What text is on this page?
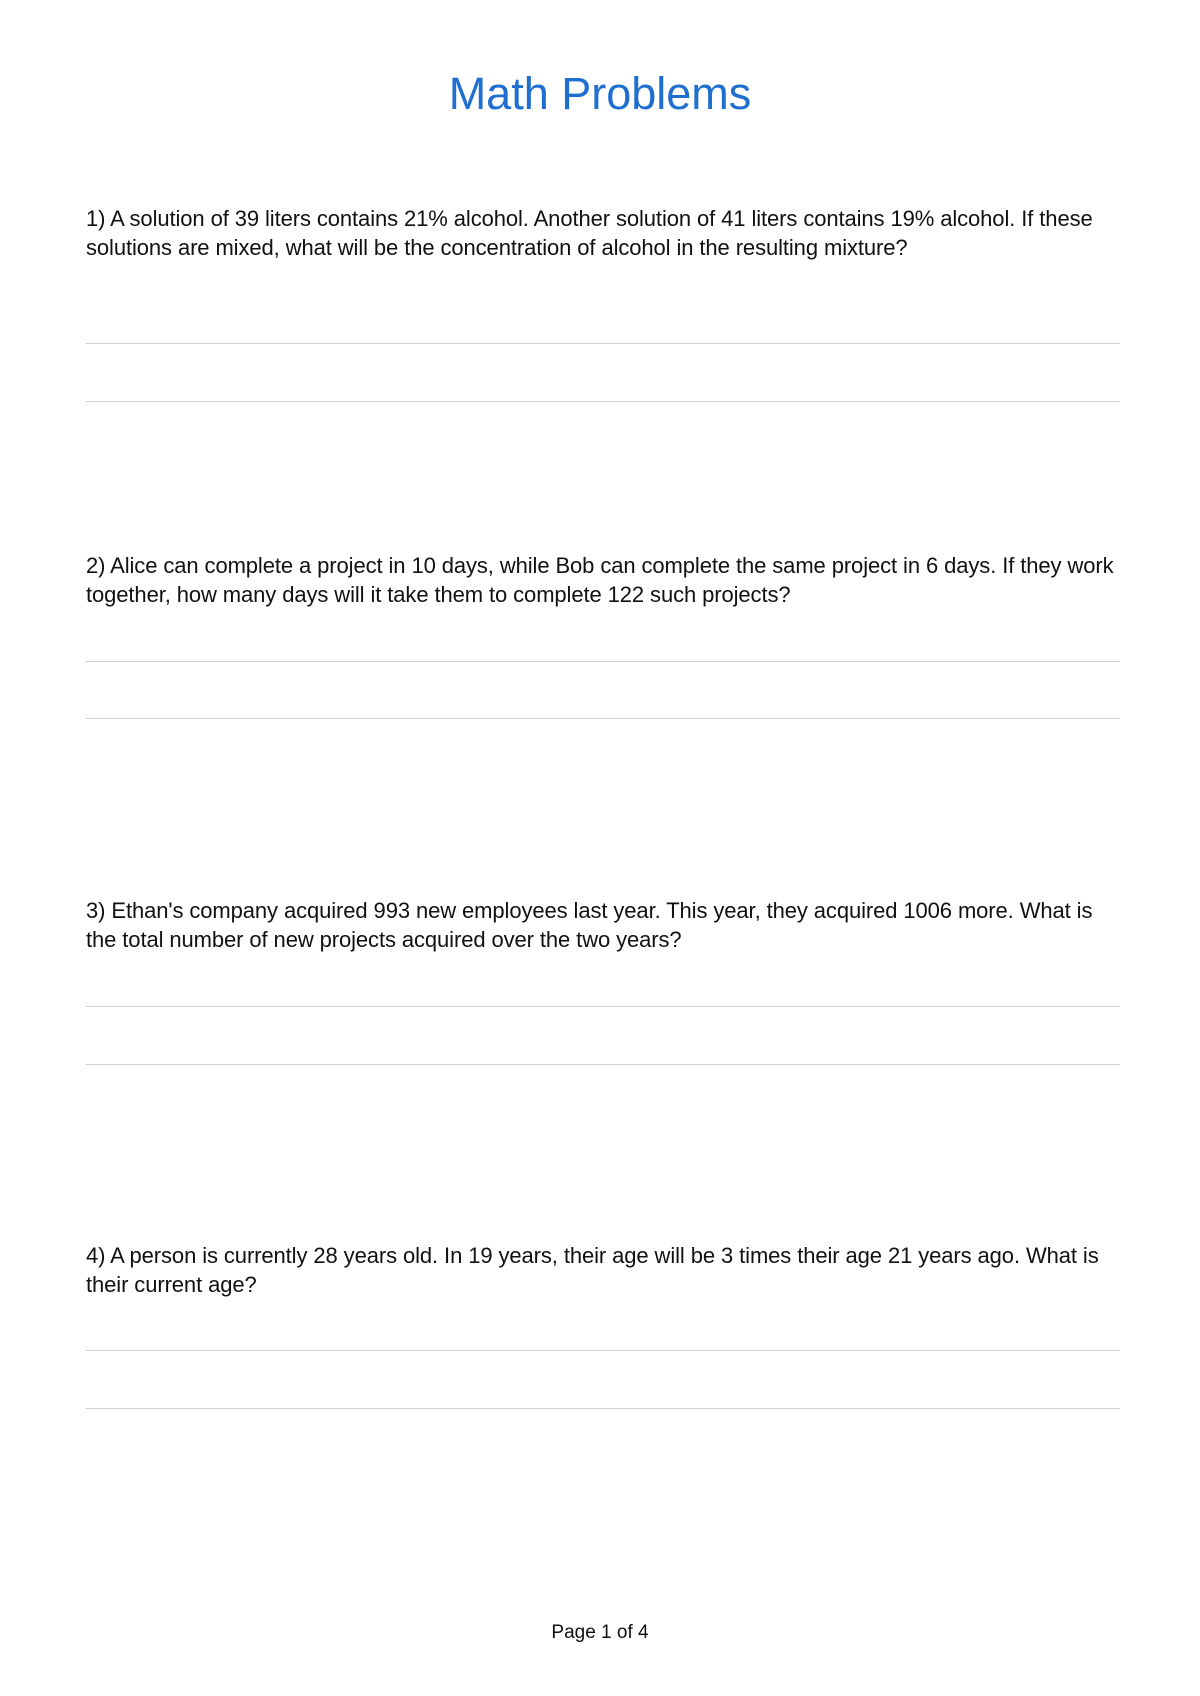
Math Problems

1) A solution of 39 liters contains 21% alcohol. Another solution of 41 liters contains 19% alcohol. If these solutions are mixed, what will be the concentration of alcohol in the resulting mixture?

2) Alice can complete a project in 10 days, while Bob can complete the same project in 6 days. If they work together, how many days will it take them to complete 122 such projects?

3) Ethan's company acquired 993 new employees last year. This year, they acquired 1006 more. What is the total number of new projects acquired over the two years?

4) A person is currently 28 years old. In 19 years, their age will be 3 times their age 21 years ago. What is their current age?

Page 1 of 4
